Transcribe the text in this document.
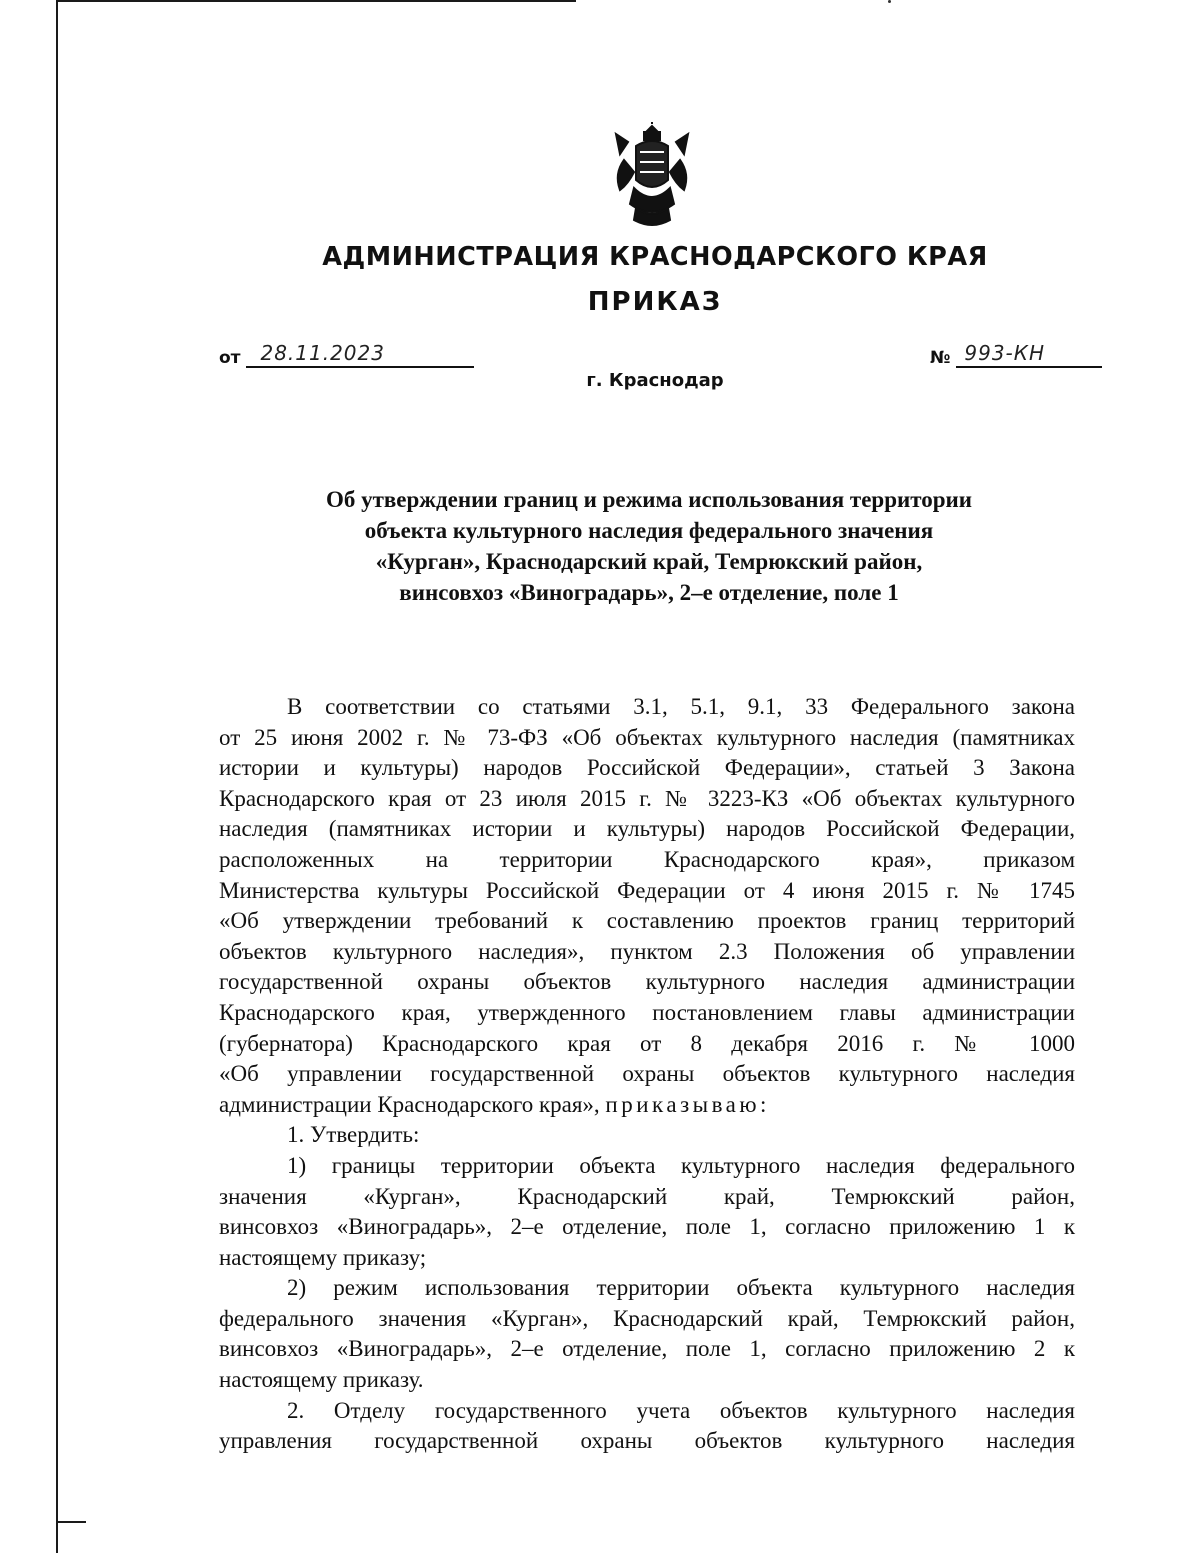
АДМИНИСТРАЦИЯ КРАСНОДАРСКОГО КРАЯ
ПРИКАЗ
от 28.11.2023	№ 993-КН
г. Краснодар
Об утверждении границ и режима использования территории
объекта культурного наследия федерального значения
«Курган», Краснодарский край, Темрюкский район,
винсовхоз «Виноградарь», 2–е отделение, поле 1
В соответствии со статьями 3.1, 5.1, 9.1, 33 Федерального закона
от 25 июня 2002 г. № 73-ФЗ «Об объектах культурного наследия (памятниках
истории и культуры) народов Российской Федерации», статьей 3 Закона
Краснодарского края от 23 июля 2015 г. № 3223-КЗ «Об объектах культурного
наследия (памятниках истории и культуры) народов Российской Федерации,
расположенных на территории Краснодарского края», приказом
Министерства культуры Российской Федерации от 4 июня 2015 г. № 1745
«Об утверждении требований к составлению проектов границ территорий
объектов культурного наследия», пунктом 2.3 Положения об управлении
государственной охраны объектов культурного наследия администрации
Краснодарского края, утвержденного постановлением главы администрации
(губернатора) Краснодарского края от 8 декабря 2016 г. № 1000
«Об управлении государственной охраны объектов культурного наследия
администрации Краснодарского края», приказываю:
1. Утвердить:
1) границы территории объекта культурного наследия федерального
значения «Курган», Краснодарский край, Темрюкский район,
винсовхоз «Виноградарь», 2–е отделение, поле 1, согласно приложению 1 к
настоящему приказу;
2) режим использования территории объекта культурного наследия
федерального значения «Курган», Краснодарский край, Темрюкский район,
винсовхоз «Виноградарь», 2–е отделение, поле 1, согласно приложению 2 к
настоящему приказу.
2. Отделу государственного учета объектов культурного наследия
управления государственной охраны объектов культурного наследия
